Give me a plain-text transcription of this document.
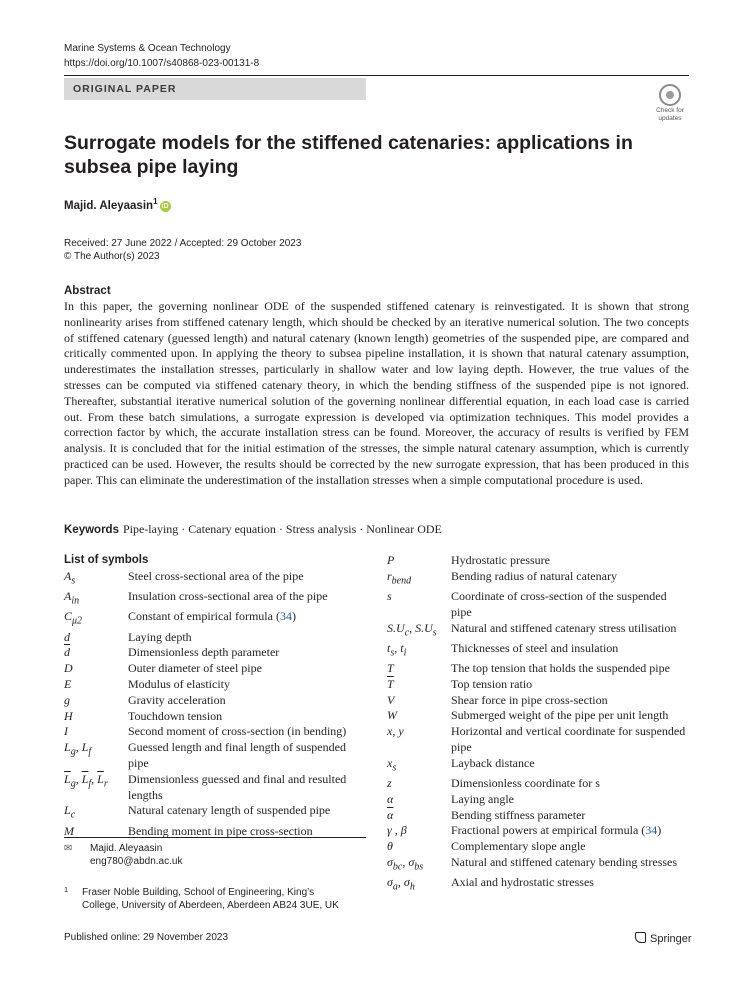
Marine Systems & Ocean Technology
https://doi.org/10.1007/s40868-023-00131-8
ORIGINAL PAPER
Check for
updates
Surrogate models for the stiffened catenaries: applications in subsea pipe laying
Majid. Aleyaasin$^1$iD
Received: 27 June 2022 / Accepted: 29 October 2023
© The Author(s) 2023
Abstract
In this paper, the governing nonlinear ODE of the suspended stiffened catenary is reinvestigated. It is shown that strong nonlinearity arises from stiffened catenary length, which should be checked by an iterative numerical solution. The two concepts of stiffened catenary (guessed length) and natural catenary (known length) geometries of the suspended pipe, are compared and critically commented upon. In applying the theory to subsea pipeline installation, it is shown that natural catenary assumption, underestimates the installation stresses, particularly in shallow water and low laying depth. However, the true values of the stresses can be computed via stiffened catenary theory, in which the bending stiffness of the suspended pipe is not ignored. Thereafter, substantial iterative numerical solution of the governing nonlinear differential equation, in each load case is carried out. From these batch simulations, a surrogate expression is developed via optimization techniques. This model provides a correction factor by which, the accurate installation stress can be found. Moreover, the accuracy of results is verified by FEM analysis. It is concluded that for the initial estimation of the stresses, the simple natural catenary assumption, which is currently practiced can be used. However, the results should be corrected by the new surrogate expression, that has been produced in this paper. This can eliminate the underestimation of the installation stresses when a simple computational procedure is used.
Keywords Pipe-laying · Catenary equation · Stress analysis · Nonlinear ODE
List of symbols
$A_s$	Steel cross-sectional area of the pipe
$A_{in}$	Insulation cross-sectional area of the pipe
$C_{\mu 2}$	Constant of empirical formula (34)
d	Laying depth
$\overline{d}$	Dimensionless depth parameter
D	Outer diameter of steel pipe
E	Modulus of elasticity
g	Gravity acceleration
H	Touchdown tension
I	Second moment of cross-section (in bending)
$L_g$, $L_f$	Guessed length and final length of suspended pipe
$\overline{L}_g$, $\overline{L}_f$, $\overline{L}_r$	Dimensionless guessed and final and resulted lengths
$L_c$	Natural catenary length of suspended pipe
M	Bending moment in pipe cross-section
P	Hydrostatic pressure
$r_{bend}$	Bending radius of natural catenary
s	Coordinate of cross-section of the suspended pipe
$S.U_c$, $S.U_s$	Natural and stiffened catenary stress utilisation
$t_s$, $t_i$	Thicknesses of steel and insulation
T	The top tension that holds the suspended pipe
$\overline{T}$	Top tension ratio
V	Shear force in pipe cross-section
W	Submerged weight of the pipe per unit length
x, y	Horizontal and vertical coordinate for suspended pipe
$x_s$	Layback distance
z	Dimensionless coordinate for s
α	Laying angle
$\overline{\alpha}$	Bending stiffness parameter
γ , β	Fractional powers at empirical formula (34)
θ	Complementary slope angle
$\sigma_{bc}$, $\sigma_{bs}$	Natural and stiffened catenary bending stresses
$\sigma_a$, $\sigma_h$	Axial and hydrostatic stresses
✉ Majid. Aleyaasin
eng780@abdn.ac.uk
1 Fraser Noble Building, School of Engineering, King’s
College, University of Aberdeen, Aberdeen AB24 3UE, UK
Published online: 29 November 2023	Springer
